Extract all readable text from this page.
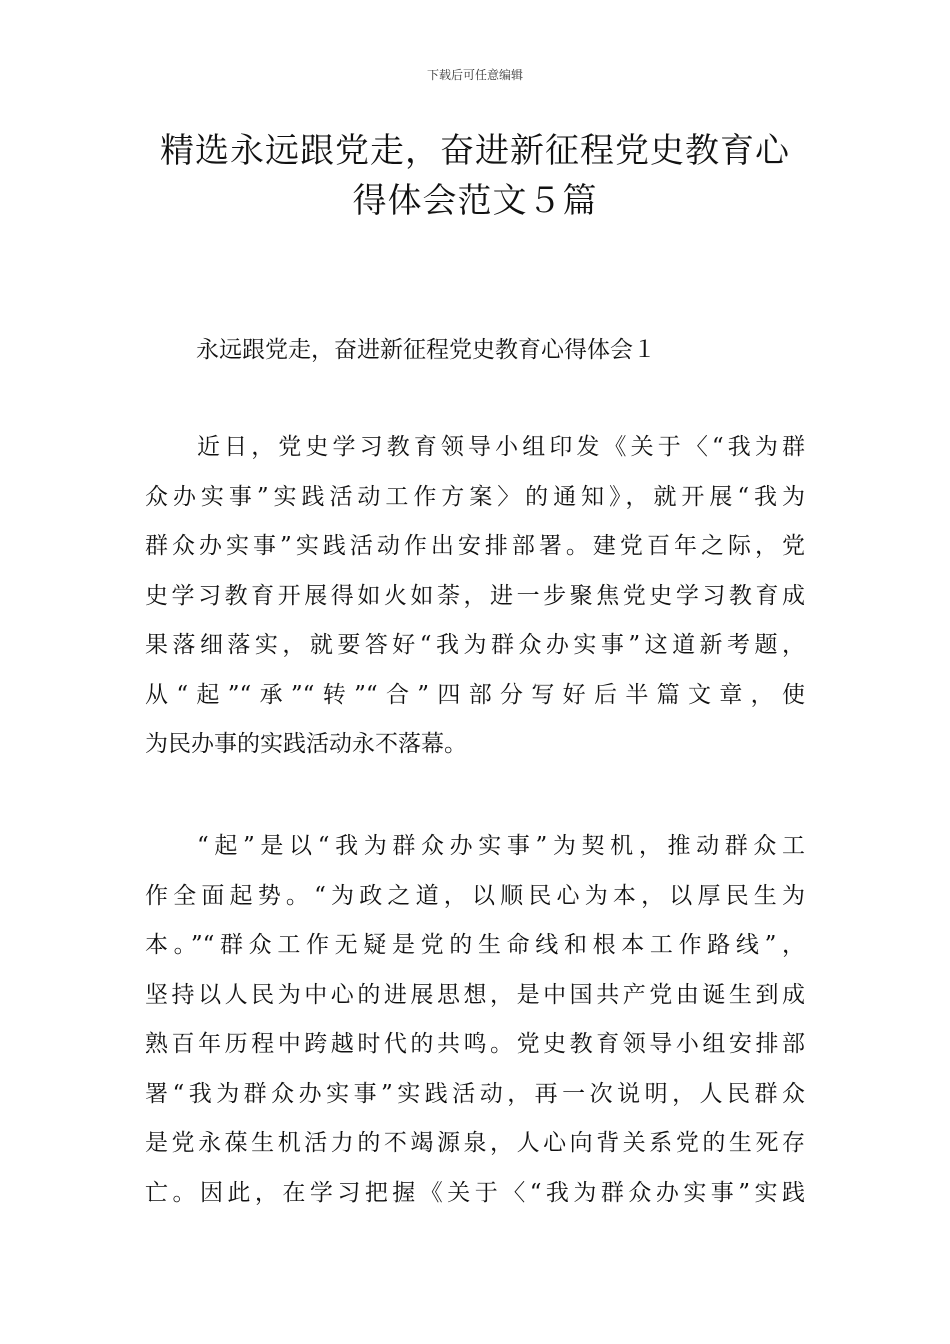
下载后可任意编辑
精选永远跟党走，奋进新征程党史教育心
得体会范文５篇
永远跟党走，奋进新征程党史教育心得体会１
近日，党史学习教育领导小组印发《关于〈“我为群
众办实事”实践活动工作方案〉的通知》，就开展“我为
群众办实事”实践活动作出安排部署。建党百年之际，党
史学习教育开展得如火如荼，进一步聚焦党史学习教育成
果落细落实，就要答好“我为群众办实事”这道新考题，
从“起”“承”“转”“合”四部分写好后半篇文章，使
为民办事的实践活动永不落幕。
“起”是以“我为群众办实事”为契机，推动群众工
作全面起势。“为政之道，以顺民心为本，以厚民生为
本。”“群众工作无疑是党的生命线和根本工作路线”，
坚持以人民为中心的进展思想，是中国共产党由诞生到成
熟百年历程中跨越时代的共鸣。党史教育领导小组安排部
署“我为群众办实事”实践活动，再一次说明，人民群众
是党永葆生机活力的不竭源泉，人心向背关系党的生死存
亡。因此，在学习把握《关于〈“我为群众办实事”实践
